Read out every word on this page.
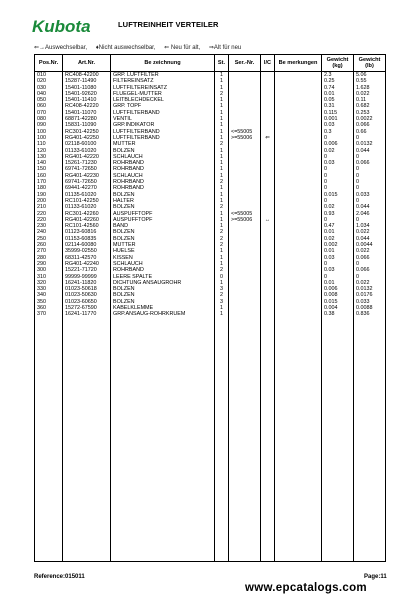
Kubota	LUFTREINHEIT VERTEILER
⇐→Auswechselbar, ♦Nicht auswechselbar, ⇐ Neu für alt, ⇒Alt für neu
Pos.Nr.	Art.Nr.	Be zeichnung	St.	Ser.-Nr.	I/C	Be merkungen	Gewicht (kg)	Gewicht (lb)
010	RC408-42200	GRP. LUFTFILTER	1				2.3	5.06
020	15287-11490	FILTEREINSATZ	1				0.25	0.55
030	15401-11080	LUFTFILTEREINSATZ	1				0.74	1.628
040	15401-92620	FLUEGEL-MUTTER	2				0.01	0.022
050	15401-11410	LEITBLECHDECKEL	1				0.05	0.11
060	RC408-42220	GRP. TOPF	1				0.31	0.682
070	15401-11070	LUFTFILTERBAND	1				0.115	0.253
080	68871-42280	VENTIL	1				0.001	0.0022
090	15831-11090	GRP.INDIKATOR	1				0.03	0.066
100	RC301-42250	LUFTFILTERBAND	1	<=55005			0.3	0.66
100	RG401-42250	LUFTFILTERBAND	1	>=55006	⇐		0	0
110	02118-60100	MUTTER	2				0.006	0.0132
120	01133-61020	BOLZEN	1				0.02	0.044
130	RG401-42220	SCHLAUCH	1				0	0
140	15261-71230	ROHRBAND	1				0.03	0.066
150	69741-72650	ROHRBAND	1				0	0
160	RG401-42230	SCHLAUCH	1				0	0
170	69741-72650	ROHRBAND	2				0	0
180	69441-42270	ROHRBAND	1				0	0
190	01135-61020	BOLZEN	1				0.015	0.033
200	RC101-42250	HALTER	1				0	0
210	01133-61020	BOLZEN	2				0.02	0.044
220	RC301-42260	AUSPUFFTOPF	1	<=55005			0.93	2.046
220	RG401-42260	AUSPUFFTOPF	1	>=55006	↔		0	0
230	RC101-42560	BAND	1				0.47	1.034
240	01123-60816	BOLZEN	2				0.01	0.022
250	01153-60835	BOLZEN	2				0.02	0.044
260	02114-60080	MUTTER	2				0.002	0.0044
270	35999-02550	HUELSE	1				0.01	0.022
280	68311-42570	KISSEN	1				0.03	0.066
290	RG401-42240	SCHLAUCH	1				0	0
300	15221-71720	ROHRBAND	2				0.03	0.066
310	99999-99999	LEERE SPALTE	0				0	0
320	16241-11820	DICHTUNG ANSAUGROHR	1				0.01	0.022
330	01023-50618	BOLZEN	3				0.006	0.0132
340	01023-50630	BOLZEN	2				0.008	0.0176
350	01023-60650	BOLZEN	3				0.015	0.033
360	15272-67590	KABELKLEMME	1				0.004	0.0088
370	16241-11770	GRP.ANSAUG-ROHRKRUEM	1				0.38	0.836

Reference:015011	Page:11
www.epcatalogs.com
